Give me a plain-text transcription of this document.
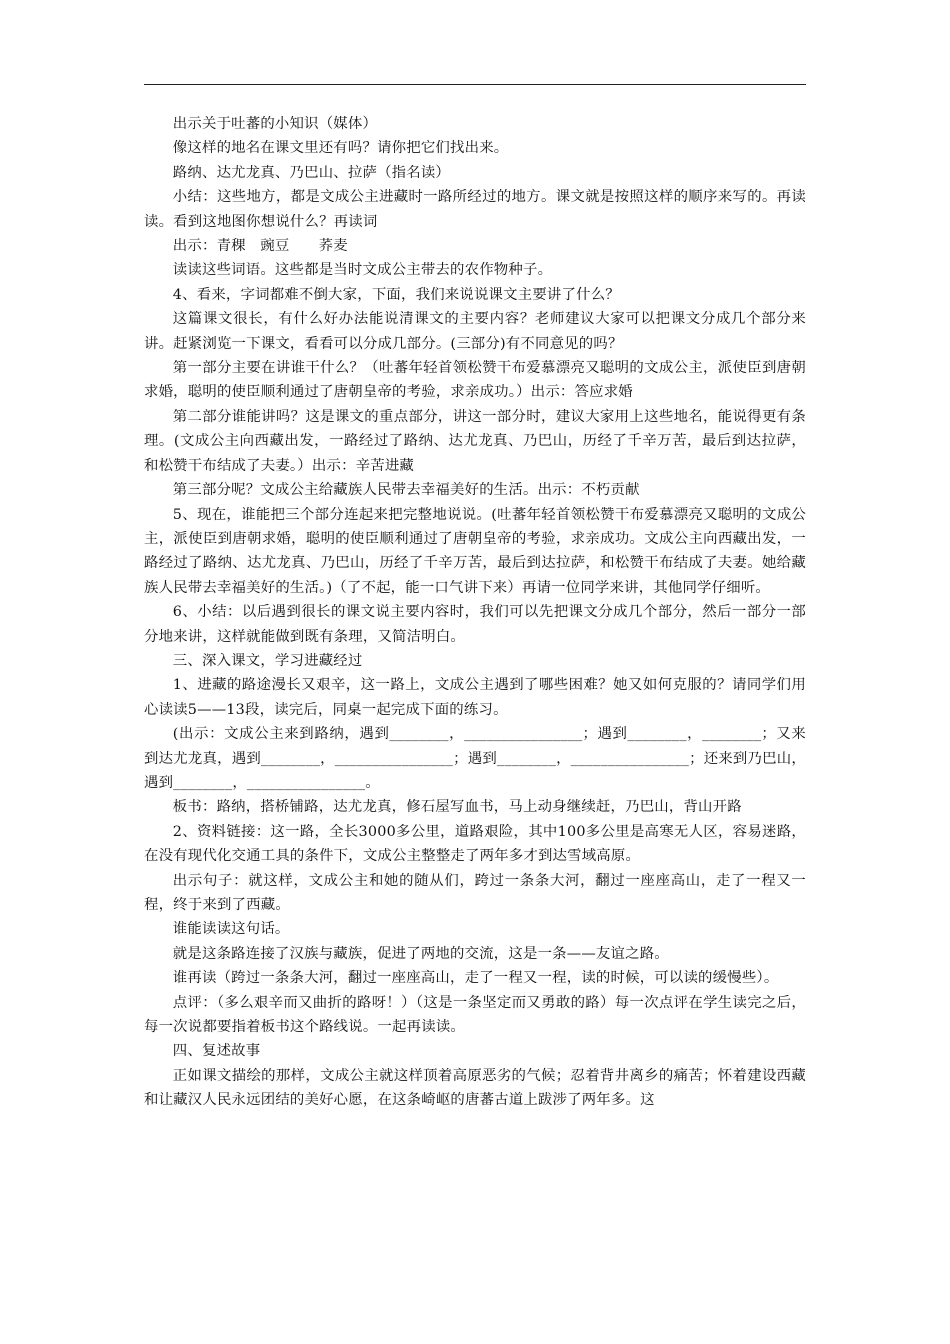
出示关于吐蕃的小知识（媒体）

像这样的地名在课文里还有吗？请你把它们找出来。

路纳、达尤龙真、乃巴山、拉萨（指名读）

小结：这些地方，都是文成公主进藏时一路所经过的地方。课文就是按照这样的顺序来写的。再读读。看到这地图你想说什么？再读词

出示：青稞　豌豆　　荞麦

读读这些词语。这些都是当时文成公主带去的农作物种子。

4、看来，字词都难不倒大家，下面，我们来说说课文主要讲了什么？

这篇课文很长，有什么好办法能说清课文的主要内容？老师建议大家可以把课文分成几个部分来讲。赶紧浏览一下课文，看看可以分成几部分。(三部分)有不同意见的吗？

第一部分主要在讲谁干什么？（吐蕃年轻首领松赞干布爱慕漂亮又聪明的文成公主，派使臣到唐朝求婚，聪明的使臣顺利通过了唐朝皇帝的考验，求亲成功。）出示：答应求婚

第二部分谁能讲吗？这是课文的重点部分，讲这一部分时，建议大家用上这些地名，能说得更有条理。(文成公主向西藏出发，一路经过了路纳、达尤龙真、乃巴山，历经了千辛万苦，最后到达拉萨，和松赞干布结成了夫妻。）出示：辛苦进藏

第三部分呢？文成公主给藏族人民带去幸福美好的生活。出示：不朽贡献

5、现在，谁能把三个部分连起来把完整地说说。(吐蕃年轻首领松赞干布爱慕漂亮又聪明的文成公主，派使臣到唐朝求婚，聪明的使臣顺利通过了唐朝皇帝的考验，求亲成功。文成公主向西藏出发，一路经过了路纳、达尤龙真、乃巴山，历经了千辛万苦，最后到达拉萨，和松赞干布结成了夫妻。她给藏族人民带去幸福美好的生活。)（了不起，能一口气讲下来）再请一位同学来讲，其他同学仔细听。

6、小结：以后遇到很长的课文说主要内容时，我们可以先把课文分成几个部分，然后一部分一部分地来讲，这样就能做到既有条理，又简洁明白。

三、深入课文，学习进藏经过

1、进藏的路途漫长又艰辛，这一路上，文成公主遇到了哪些困难？她又如何克服的？请同学们用心读读5——13段，读完后，同桌一起完成下面的练习。

(出示：文成公主来到路纳，遇到________，________________；遇到________，________；又来到达尤龙真，遇到________，________________；遇到________，________________；还来到乃巴山，遇到________，________________。

板书：路纳，搭桥铺路，达尤龙真，修石屋写血书，马上动身继续赶，乃巴山，背山开路

2、资料链接：这一路，全长3000多公里，道路艰险，其中100多公里是高寒无人区，容易迷路，在没有现代化交通工具的条件下，文成公主整整走了两年多才到达雪域高原。

出示句子：就这样，文成公主和她的随从们，跨过一条条大河，翻过一座座高山，走了一程又一程，终于来到了西藏。

谁能读读这句话。

就是这条路连接了汉族与藏族，促进了两地的交流，这是一条——友谊之路。

谁再读（跨过一条条大河，翻过一座座高山，走了一程又一程，读的时候，可以读的缓慢些）。

点评：（多么艰辛而又曲折的路呀！）（这是一条坚定而又勇敢的路）每一次点评在学生读完之后，每一次说都要指着板书这个路线说。一起再读读。

四、复述故事

正如课文描绘的那样，文成公主就这样顶着高原恶劣的气候；忍着背井离乡的痛苦；怀着建设西藏和让藏汉人民永远团结的美好心愿，在这条崎岖的唐蕃古道上跋涉了两年多。这
